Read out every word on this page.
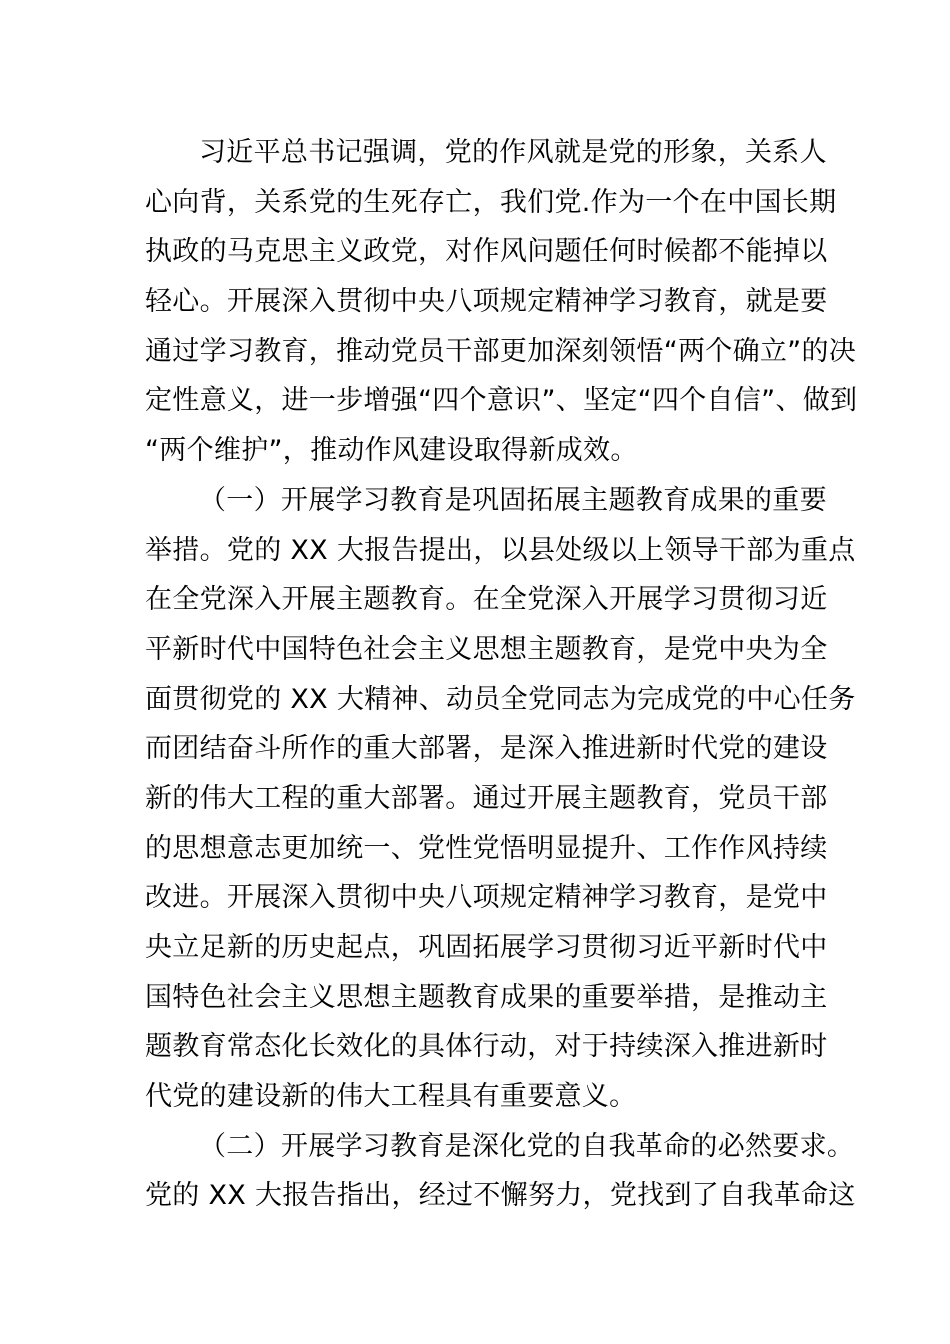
习近平总书记强调，党的作风就是党的形象，关系人
心向背，关系党的生死存亡，我们党.作为一个在中国长期
执政的马克思主义政党，对作风问题任何时候都不能掉以
轻心。开展深入贯彻中央八项规定精神学习教育，就是要
通过学习教育，推动党员干部更加深刻领悟“两个确立”的决
定性意义，进一步增强“四个意识”、坚定“四个自信”、做到
“两个维护”，推动作风建设取得新成效。
（一）开展学习教育是巩固拓展主题教育成果的重要
举措。党的 XX 大报告提出，以县处级以上领导干部为重点
在全党深入开展主题教育。在全党深入开展学习贯彻习近
平新时代中国特色社会主义思想主题教育，是党中央为全
面贯彻党的 XX 大精神、动员全党同志为完成党的中心任务
而团结奋斗所作的重大部署，是深入推进新时代党的建设
新的伟大工程的重大部署。通过开展主题教育，党员干部
的思想意志更加统一、党性党悟明显提升、工作作风持续
改进。开展深入贯彻中央八项规定精神学习教育，是党中
央立足新的历史起点，巩固拓展学习贯彻习近平新时代中
国特色社会主义思想主题教育成果的重要举措，是推动主
题教育常态化长效化的具体行动，对于持续深入推进新时
代党的建设新的伟大工程具有重要意义。
（二）开展学习教育是深化党的自我革命的必然要求。
党的 XX 大报告指出，经过不懈努力，党找到了自我革命这
